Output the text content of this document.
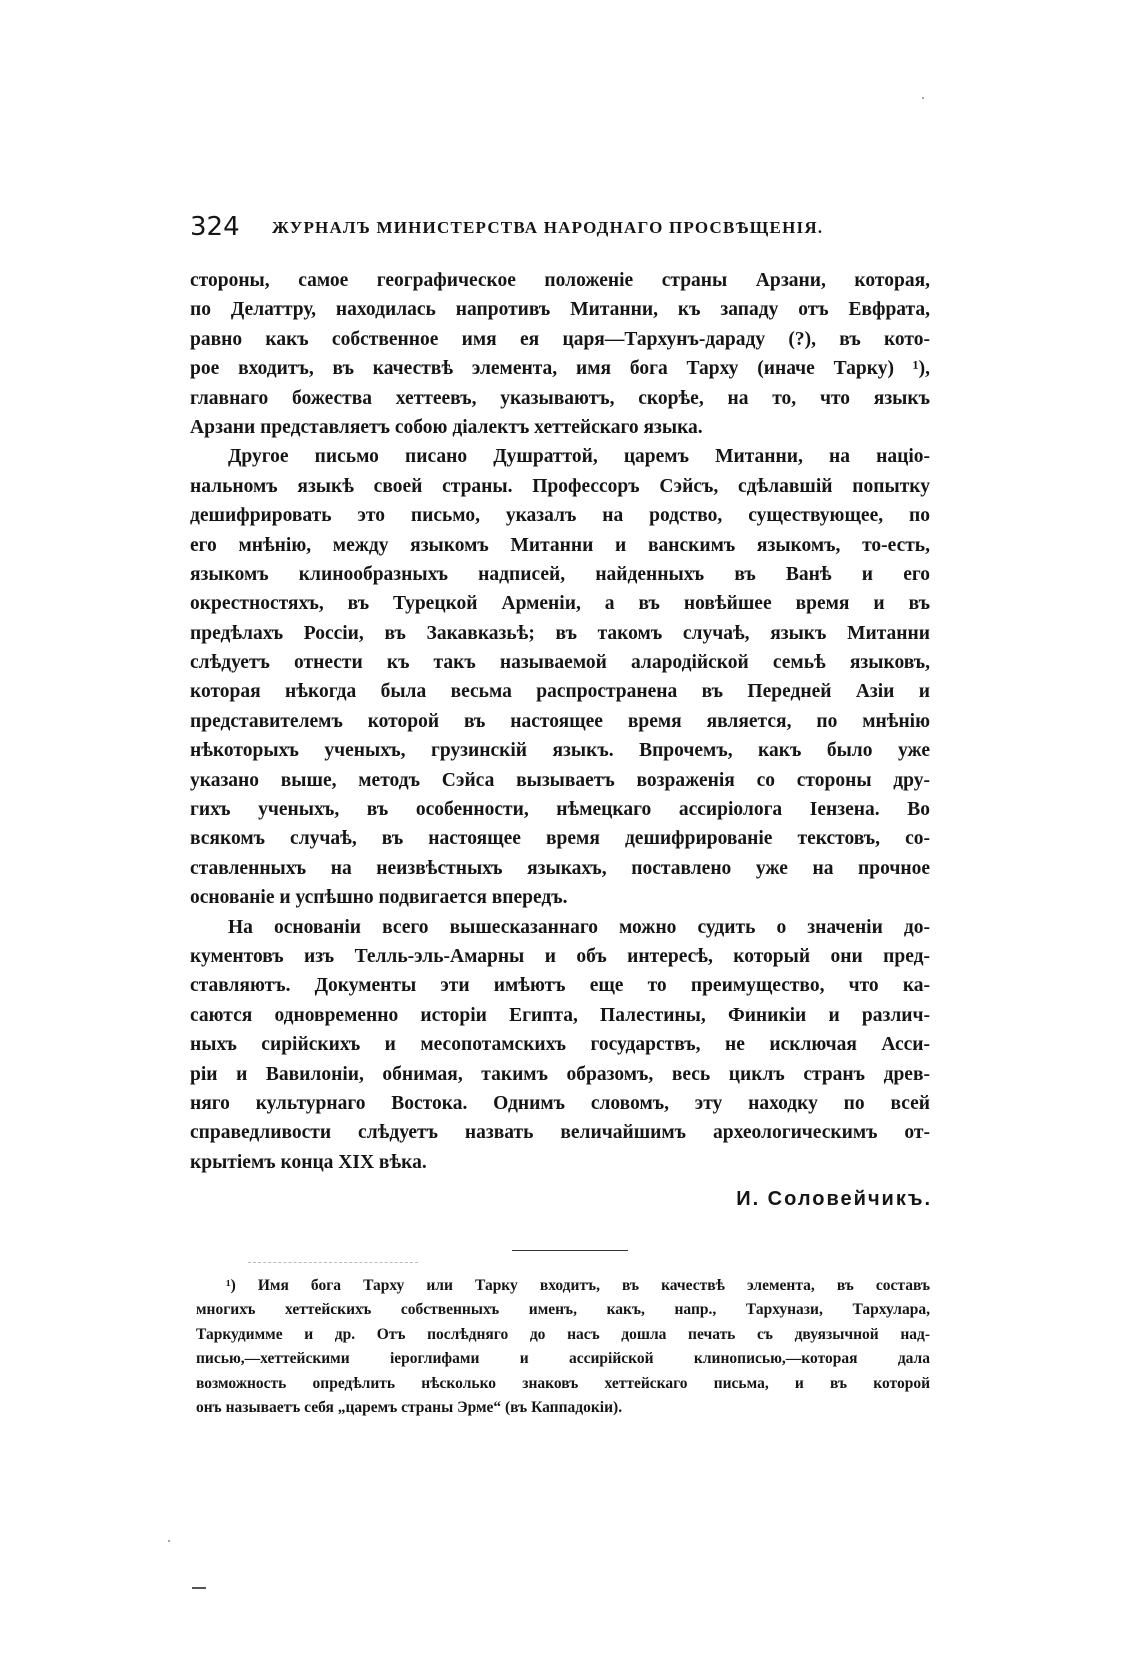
324 ЖУРНАЛЪ МИНИСТЕРСТВА НАРОДНАГО ПРОСВѢЩЕНІЯ.
стороны, самое географическое положеніе страны Арзани, которая,
по Делаттру, находилась напротивъ Митанни, къ западу отъ Евфрата,
равно какъ собственное имя ея царя—Тархунъ-дараду (?), въ кото-
рое входитъ, въ качествѣ элемента, имя бога Тарху (иначе Тарку) ¹),
главнаго божества хеттеевъ, указываютъ, скорѣе, на то, что языкъ
Арзани представляетъ собою діалектъ хеттейскаго языка.
Другое письмо писано Душраттой, царемъ Митанни, на націо-
нальномъ языкѣ своей страны. Профессоръ Сэйсъ, сдѣлавшій попытку
дешифрировать это письмо, указалъ на родство, существующее, по
его мнѣнію, между языкомъ Митанни и ванскимъ языкомъ, то-есть,
языкомъ клинообразныхъ надписей, найденныхъ въ Ванѣ и его
окрестностяхъ, въ Турецкой Арменіи, а въ новѣйшее время и въ
предѣлахъ Россіи, въ Закавказьѣ; въ такомъ случаѣ, языкъ Митанни
слѣдуетъ отнести къ такъ называемой алародійской семьѣ языковъ,
которая нѣкогда была весьма распространена въ Передней Азіи и
представителемъ которой въ настоящее время является, по мнѣнію
нѣкоторыхъ ученыхъ, грузинскій языкъ. Впрочемъ, какъ было уже
указано выше, методъ Сэйса вызываетъ возраженія со стороны дру-
гихъ ученыхъ, въ особенности, нѣмецкаго ассиріолога Іензена. Во
всякомъ случаѣ, въ настоящее время дешифрированіе текстовъ, со-
ставленныхъ на неизвѣстныхъ языкахъ, поставлено уже на прочное
основаніе и успѣшно подвигается впередъ.
На основаніи всего вышесказаннаго можно судить о значеніи до-
кументовъ изъ Телль-эль-Амарны и объ интересѣ, который они пред-
ставляютъ. Документы эти имѣютъ еще то преимущество, что ка-
саются одновременно исторіи Египта, Палестины, Финикіи и различ-
ныхъ сирійскихъ и месопотамскихъ государствъ, не исключая Асси-
ріи и Вавилоніи, обнимая, такимъ образомъ, весь циклъ странъ древ-
няго культурнаго Востока. Однимъ словомъ, эту находку по всей
справедливости слѣдуетъ назвать величайшимъ археологическимъ от-
крытіемъ конца XIX вѣка.
И. Соловейчикъ.
¹) Имя бога Тарху или Тарку входитъ, въ качествѣ элемента, въ составъ
многихъ хеттейскихъ собственныхъ именъ, какъ, напр., Тархунази, Тархулара,
Таркудимме и др. Отъ послѣдняго до насъ дошла печать съ двуязычной над-
писью,—хеттейскими іероглифами и ассирійской клинописью,—которая дала
возможность опредѣлить нѣсколько знаковъ хеттейскаго письма, и въ которой
онъ называетъ себя „царемъ страны Эрме“ (въ Каппадокіи).
